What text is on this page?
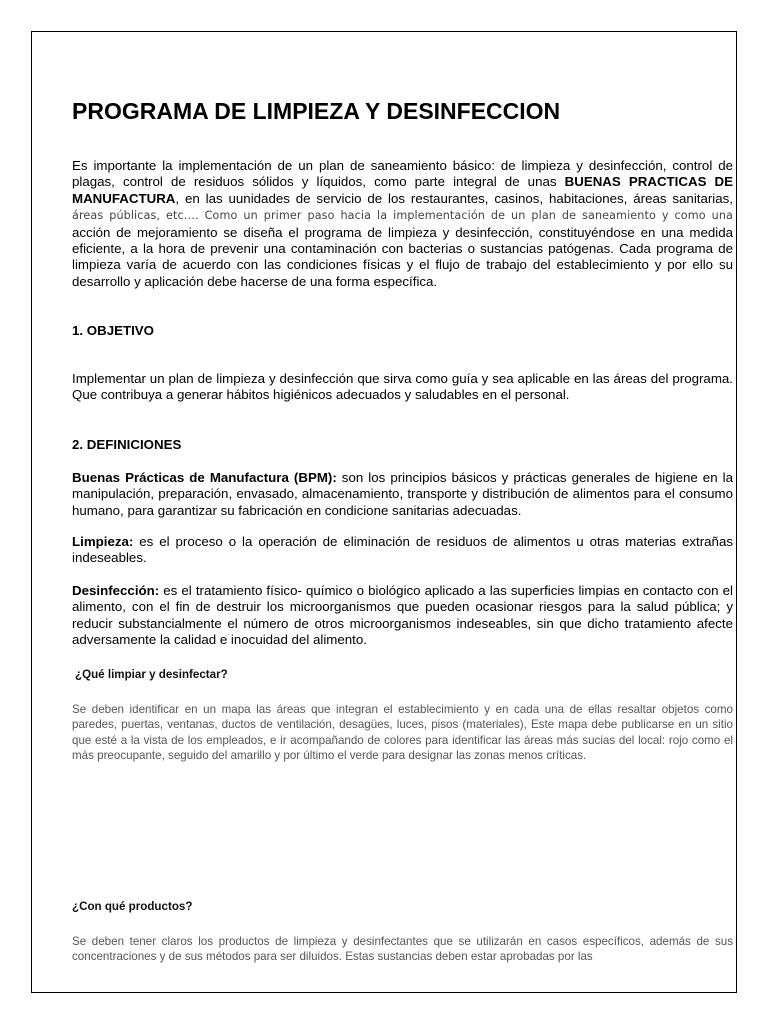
PROGRAMA DE LIMPIEZA Y DESINFECCION

Es importante la implementación de un plan de saneamiento básico: de limpieza y desinfección, control de plagas, control de residuos sólidos y líquidos, como parte integral de unas BUENAS PRACTICAS DE MANUFACTURA, en las uunidades de servicio de los restaurantes, casinos, habitaciones, áreas sanitarias, áreas públicas, etc…. Como un primer paso hacia la implementación de un plan de saneamiento y como una acción de mejoramiento se diseña el programa de limpieza y desinfección, constituyéndose en una medida eficiente, a la hora de prevenir una contaminación con bacterias o sustancias patógenas. Cada programa de limpieza varía de acuerdo con las condiciones físicas y el flujo de trabajo del establecimiento y por ello su desarrollo y aplicación debe hacerse de una forma específica.

1. OBJETIVO

Implementar un plan de limpieza y desinfección que sirva como guía y sea aplicable en las áreas del programa. Que contribuya a generar hábitos higiénicos adecuados y saludables en el personal.

2. DEFINICIONES

Buenas Prácticas de Manufactura (BPM): son los principios básicos y prácticas generales de higiene en la manipulación, preparación, envasado, almacenamiento, transporte y distribución de alimentos para el consumo humano, para garantizar su fabricación en condicione sanitarias adecuadas.

Limpieza: es el proceso o la operación de eliminación de residuos de alimentos u otras materias extrañas indeseables.

Desinfección: es el tratamiento físico- químico o biológico aplicado a las superficies limpias en contacto con el alimento, con el fin de destruir los microorganismos que pueden ocasionar riesgos para la salud pública; y reducir substancialmente el número de otros microorganismos indeseables, sin que dicho tratamiento afecte adversamente la calidad e inocuidad del alimento.

¿Qué limpiar y desinfectar?

Se deben identificar en un mapa las áreas que integran el establecimiento y en cada una de ellas resaltar objetos como paredes, puertas, ventanas, ductos de ventilación, desagües, luces, pisos (materiales), Este mapa debe publicarse en un sitio que esté a la vista de los empleados, e ir acompañando de colores para identificar las áreas más sucias del local: rojo como el más preocupante, seguido del amarillo y por último el verde para designar las zonas menos críticas.

¿Con qué productos?

Se deben tener claros los productos de limpieza y desinfectantes que se utilizarán en casos específicos, además de sus concentraciones y de sus métodos para ser diluidos. Estas sustancias deben estar aprobadas por las
